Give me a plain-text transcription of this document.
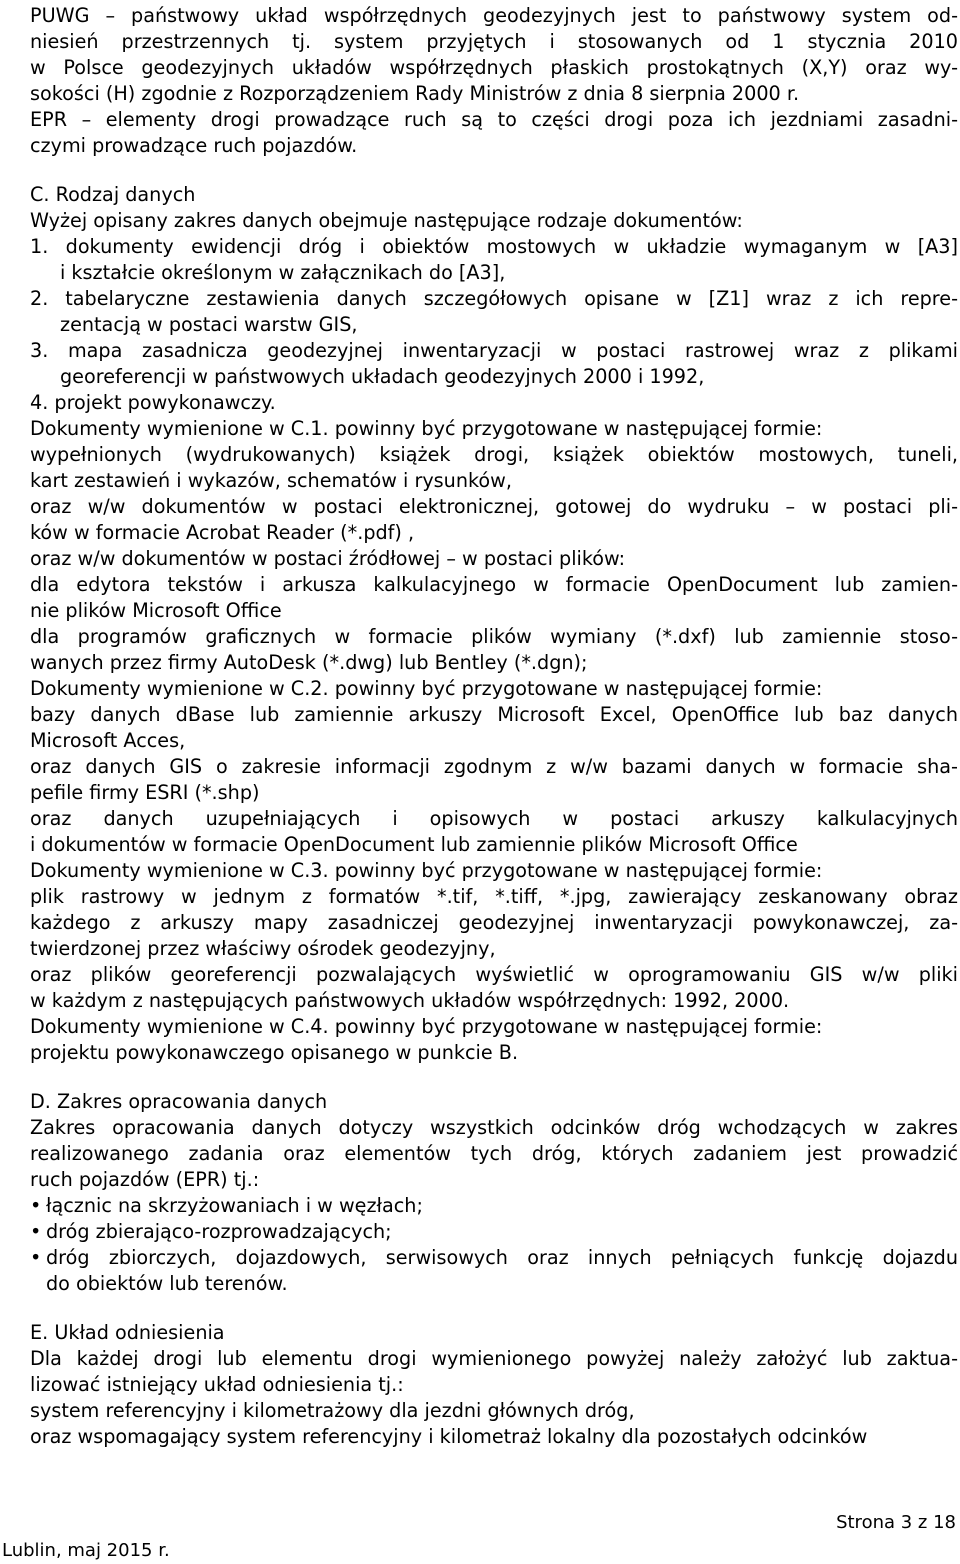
PUWG – państwowy układ współrzędnych geodezyjnych jest to państwowy system od-
niesień przestrzennych tj. system przyjętych i stosowanych od 1 stycznia 2010
w Polsce geodezyjnych układów współrzędnych płaskich prostokątnych (X,Y) oraz wy-
sokości (H) zgodnie z Rozporządzeniem Rady Ministrów z dnia 8 sierpnia 2000 r.
EPR – elementy drogi prowadzące ruch są to części drogi poza ich jezdniami zasadni-
czymi prowadzące ruch pojazdów.
C. Rodzaj danych
Wyżej opisany zakres danych obejmuje następujące rodzaje dokumentów:
1. dokumenty ewidencji dróg i obiektów mostowych w układzie wymaganym w [A3]
i kształcie określonym w załącznikach do [A3],
2. tabelaryczne zestawienia danych szczegółowych opisane w [Z1] wraz z ich repre-
zentacją w postaci warstw GIS,
3. mapa zasadnicza geodezyjnej inwentaryzacji w postaci rastrowej wraz z plikami
georeferencji w państwowych układach geodezyjnych 2000 i 1992,
4. projekt powykonawczy.
Dokumenty wymienione w C.1. powinny być przygotowane w następującej formie:
wypełnionych (wydrukowanych) książek drogi, książek obiektów mostowych, tuneli,
kart zestawień i wykazów, schematów i rysunków,
oraz w/w dokumentów w postaci elektronicznej, gotowej do wydruku – w postaci pli-
ków w formacie Acrobat Reader (*.pdf) ,
oraz w/w dokumentów w postaci źródłowej – w postaci plików:
dla edytora tekstów i arkusza kalkulacyjnego w formacie OpenDocument lub zamien-
nie plików Microsoft Office
dla programów graficznych w formacie plików wymiany (*.dxf) lub zamiennie stoso-
wanych przez firmy AutoDesk (*.dwg) lub Bentley (*.dgn);
Dokumenty wymienione w C.2. powinny być przygotowane w następującej formie:
bazy danych dBase lub zamiennie arkuszy Microsoft Excel, OpenOffice lub baz danych
Microsoft Acces,
oraz danych GIS o zakresie informacji zgodnym z w/w bazami danych w formacie sha-
pefile firmy ESRI (*.shp)
oraz danych uzupełniających i opisowych w postaci arkuszy kalkulacyjnych
i dokumentów w formacie OpenDocument lub zamiennie plików Microsoft Office
Dokumenty wymienione w C.3. powinny być przygotowane w następującej formie:
plik rastrowy w jednym z formatów *.tif, *.tiff, *.jpg, zawierający zeskanowany obraz
każdego z arkuszy mapy zasadniczej geodezyjnej inwentaryzacji powykonawczej, za-
twierdzonej przez właściwy ośrodek geodezyjny,
oraz plików georeferencji pozwalających wyświetlić w oprogramowaniu GIS w/w pliki
w każdym z następujących państwowych układów współrzędnych: 1992, 2000.
Dokumenty wymienione w C.4. powinny być przygotowane w następującej formie:
projektu powykonawczego opisanego w punkcie B.
D. Zakres opracowania danych
Zakres opracowania danych dotyczy wszystkich odcinków dróg wchodzących w zakres
realizowanego zadania oraz elementów tych dróg, których zadaniem jest prowadzić
ruch pojazdów (EPR) tj.:
• łącznic na skrzyżowaniach i w węzłach;
• dróg zbierająco-rozprowadzających;
• dróg zbiorczych, dojazdowych, serwisowych oraz innych pełniących funkcję dojazdu
do obiektów lub terenów.
E. Układ odniesienia
Dla każdej drogi lub elementu drogi wymienionego powyżej należy założyć lub zaktua-
lizować istniejący układ odniesienia tj.:
system referencyjny i kilometrażowy dla jezdni głównych dróg,
oraz wspomagający system referencyjny i kilometraż lokalny dla pozostałych odcinków
Strona 3 z 18
Lublin, maj 2015 r.
